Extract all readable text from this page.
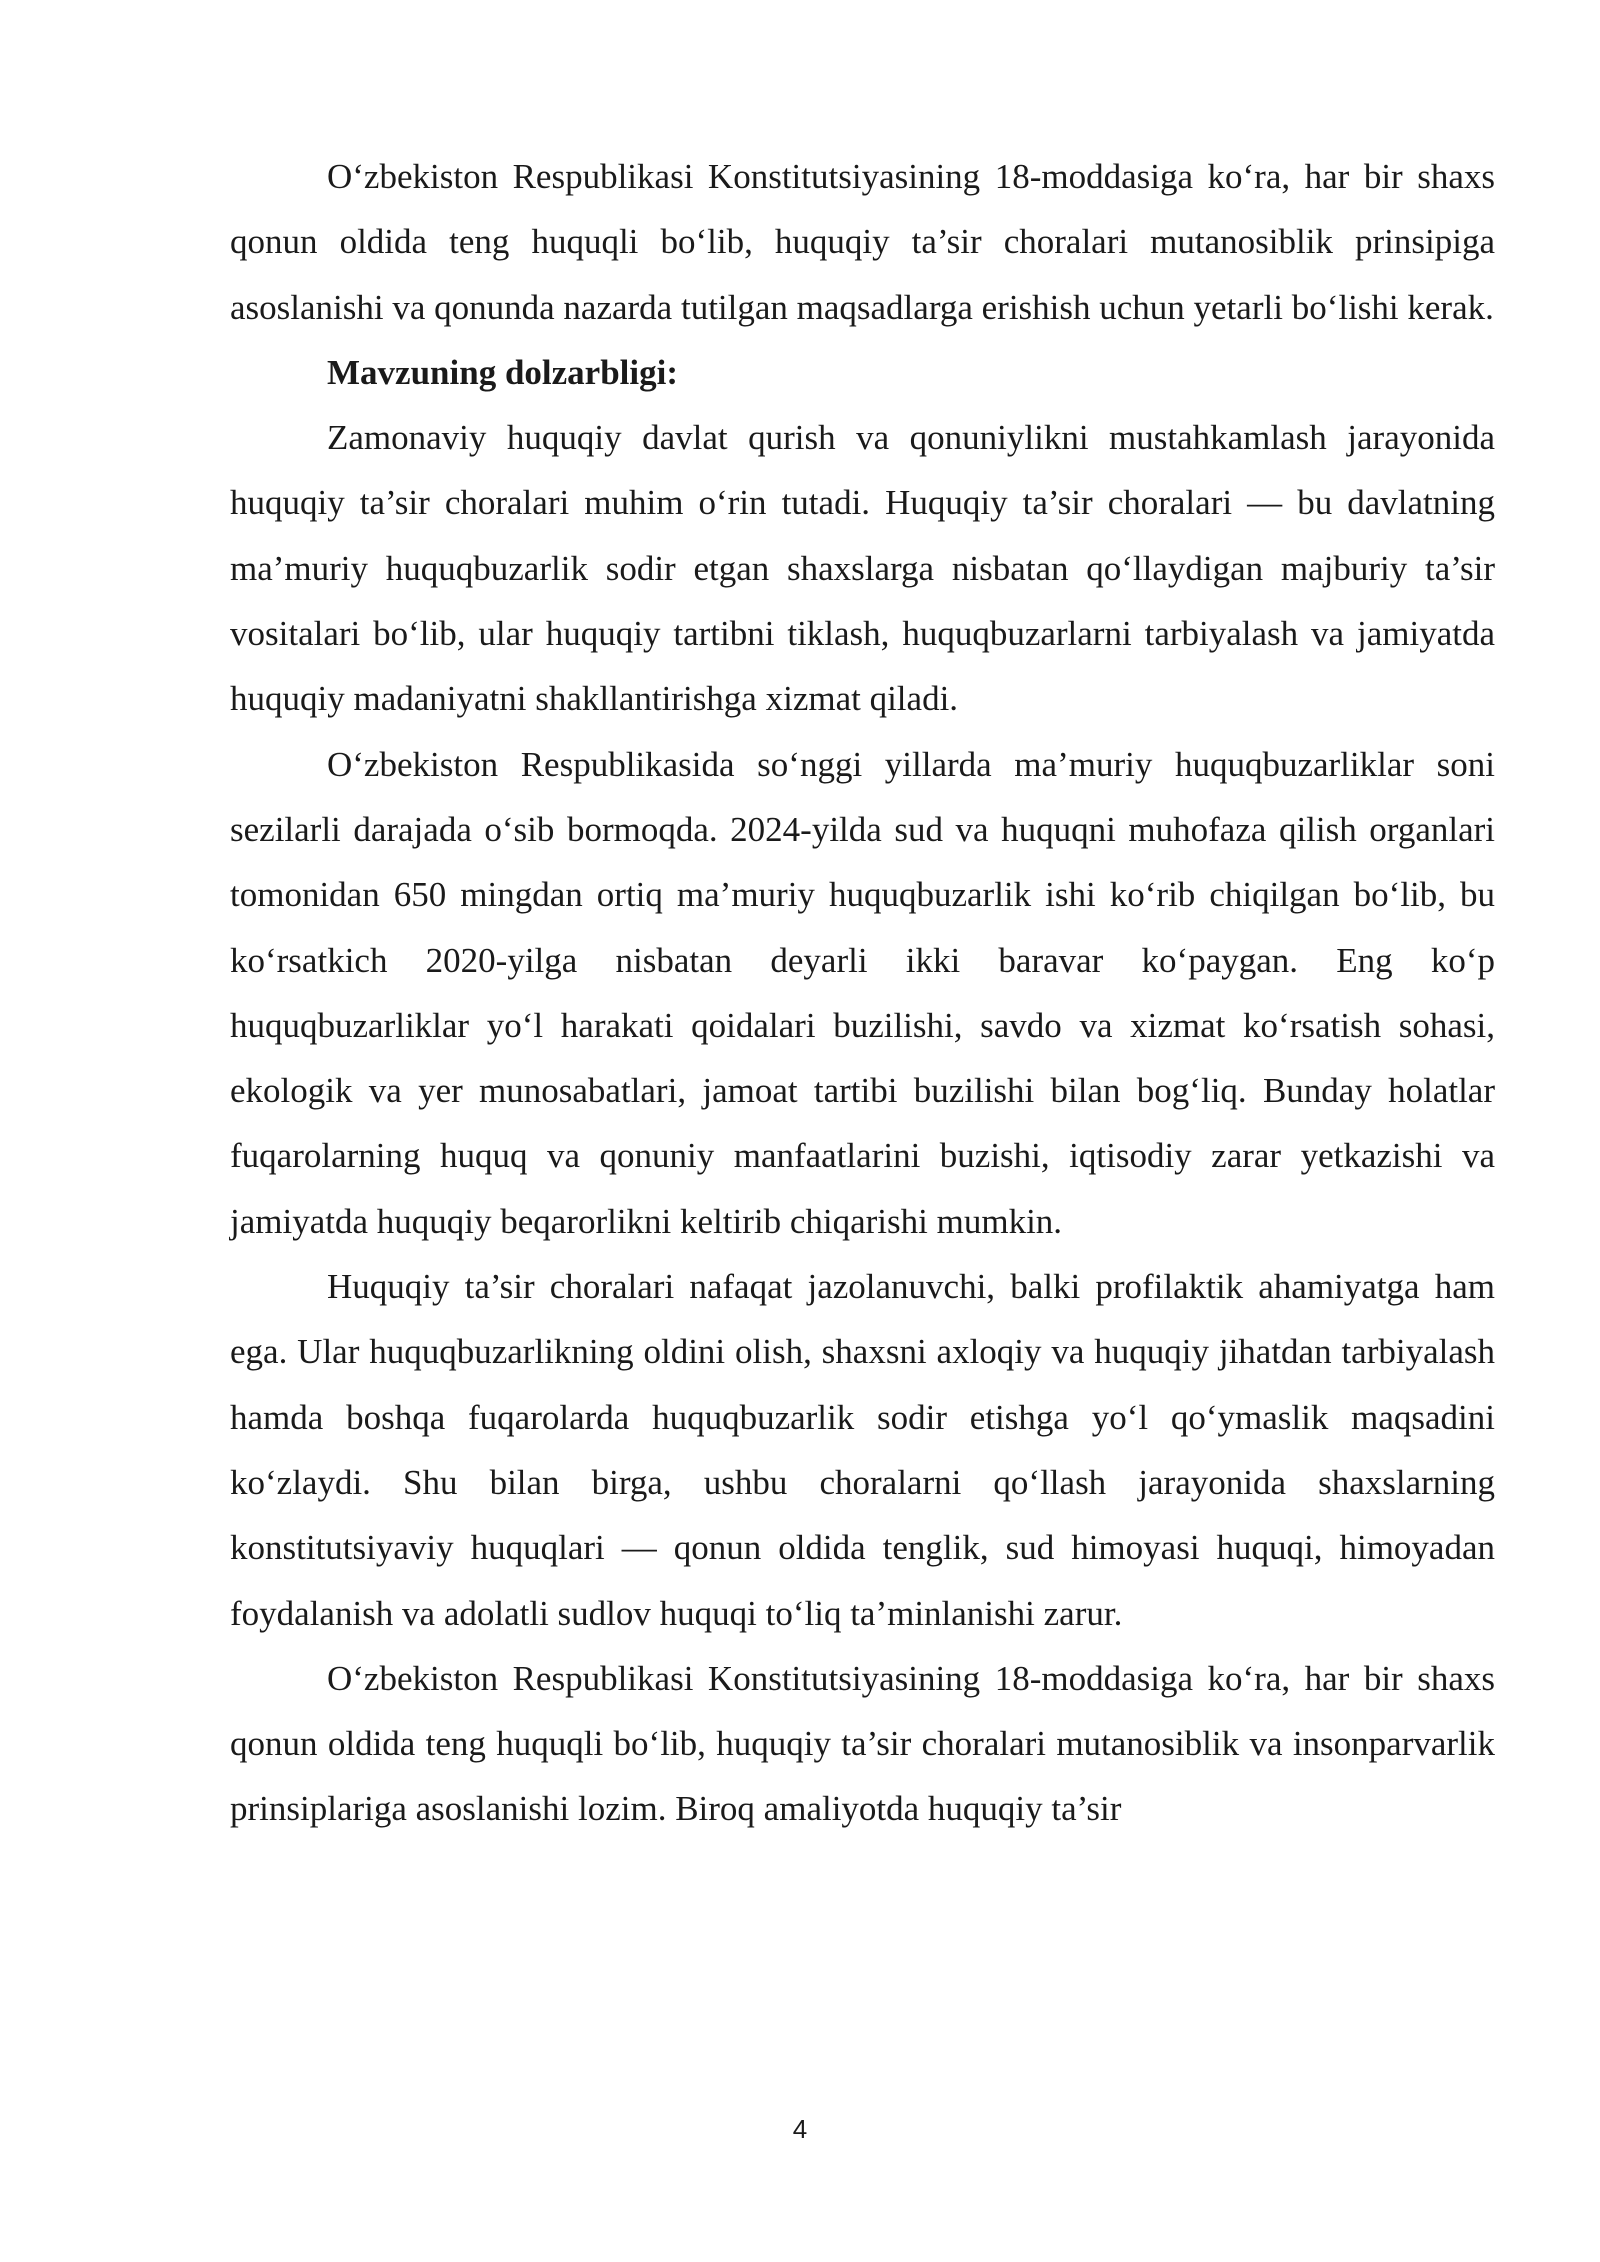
O‘zbekiston Respublikasi Konstitutsiyasining 18-moddasiga ko‘ra, har bir shaxs qonun oldida teng huquqli bo‘lib, huquqiy ta’sir choralari mutanosiblik prinsipiga asoslanishi va qonunda nazarda tutilgan maqsadlarga erishish uchun yetarli bo‘lishi kerak.

Mavzuning dolzarbligi:

Zamonaviy huquqiy davlat qurish va qonuniylikni mustahkamlash jarayonida huquqiy ta’sir choralari muhim o‘rin tutadi. Huquqiy ta’sir choralari — bu davlatning ma’muriy huquqbuzarlik sodir etgan shaxslarga nisbatan qo‘llaydigan majburiy ta’sir vositalari bo‘lib, ular huquqiy tartibni tiklash, huquqbuzarlarni tarbiyalash va jamiyatda huquqiy madaniyatni shakllantirishga xizmat qiladi.

O‘zbekiston Respublikasida so‘nggi yillarda ma’muriy huquqbuzarliklar soni sezilarli darajada o‘sib bormoqda. 2024-yilda sud va huquqni muhofaza qilish organlari tomonidan 650 mingdan ortiq ma’muriy huquqbuzarlik ishi ko‘rib chiqilgan bo‘lib, bu ko‘rsatkich 2020-yilga nisbatan deyarli ikki baravar ko‘paygan. Eng ko‘p huquqbuzarliklar yo‘l harakati qoidalari buzilishi, savdo va xizmat ko‘rsatish sohasi, ekologik va yer munosabatlari, jamoat tartibi buzilishi bilan bog‘liq. Bunday holatlar fuqarolarning huquq va qonuniy manfaatlarini buzishi, iqtisodiy zarar yetkazishi va jamiyatda huquqiy beqarorlikni keltirib chiqarishi mumkin.

Huquqiy ta’sir choralari nafaqat jazolanuvchi, balki profilaktik ahamiyatga ham ega. Ular huquqbuzarlikning oldini olish, shaxsni axloqiy va huquqiy jihatdan tarbiyalash hamda boshqa fuqarolarda huquqbuzarlik sodir etishga yo‘l qo‘ymaslik maqsadini ko‘zlaydi. Shu bilan birga, ushbu choralarni qo‘llash jarayonida shaxslarning konstitutsiyaviy huquqlari — qonun oldida tenglik, sud himoyasi huquqi, himoyadan foydalanish va adolatli sudlov huquqi to‘liq ta’minlanishi zarur.

O‘zbekiston Respublikasi Konstitutsiyasining 18-moddasiga ko‘ra, har bir shaxs qonun oldida teng huquqli bo‘lib, huquqiy ta’sir choralari mutanosiblik va insonparvarlik prinsiplariga asoslanishi lozim. Biroq amaliyotda huquqiy ta’sir

4
